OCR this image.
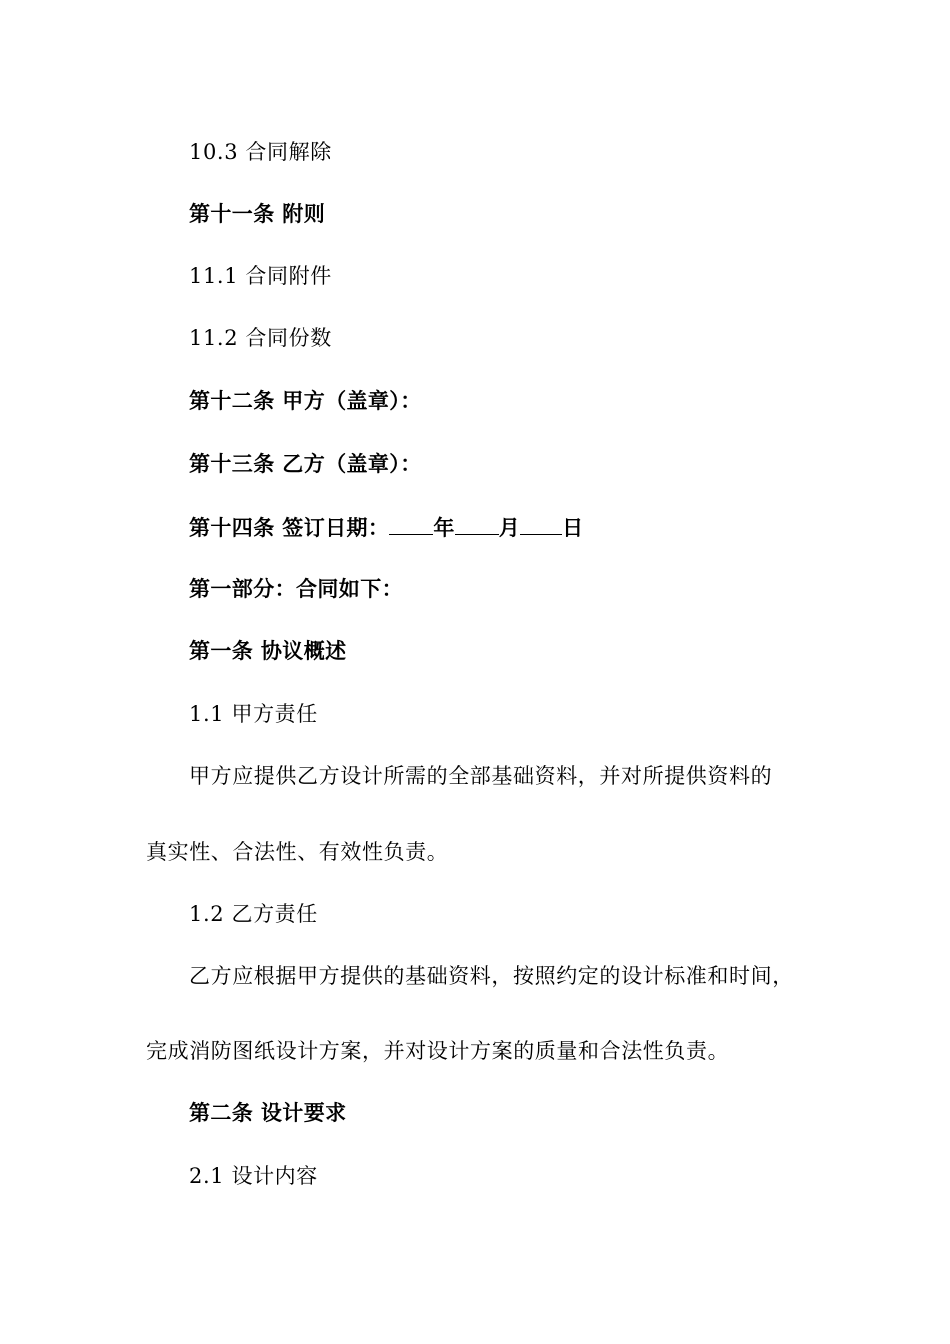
10.3 合同解除
第十一条 附则
11.1 合同附件
11.2 合同份数
第十二条 甲方（盖章）：
第十三条 乙方（盖章）：
第十四条 签订日期： 年 月 日
第一部分：合同如下：
第一条 协议概述
1.1 甲方责任
甲方应提供乙方设计所需的全部基础资料，并对所提供资料的
真实性、合法性、有效性负责。
1.2 乙方责任
乙方应根据甲方提供的基础资料，按照约定的设计标准和时间，
完成消防图纸设计方案，并对设计方案的质量和合法性负责。
第二条 设计要求
2.1 设计内容
